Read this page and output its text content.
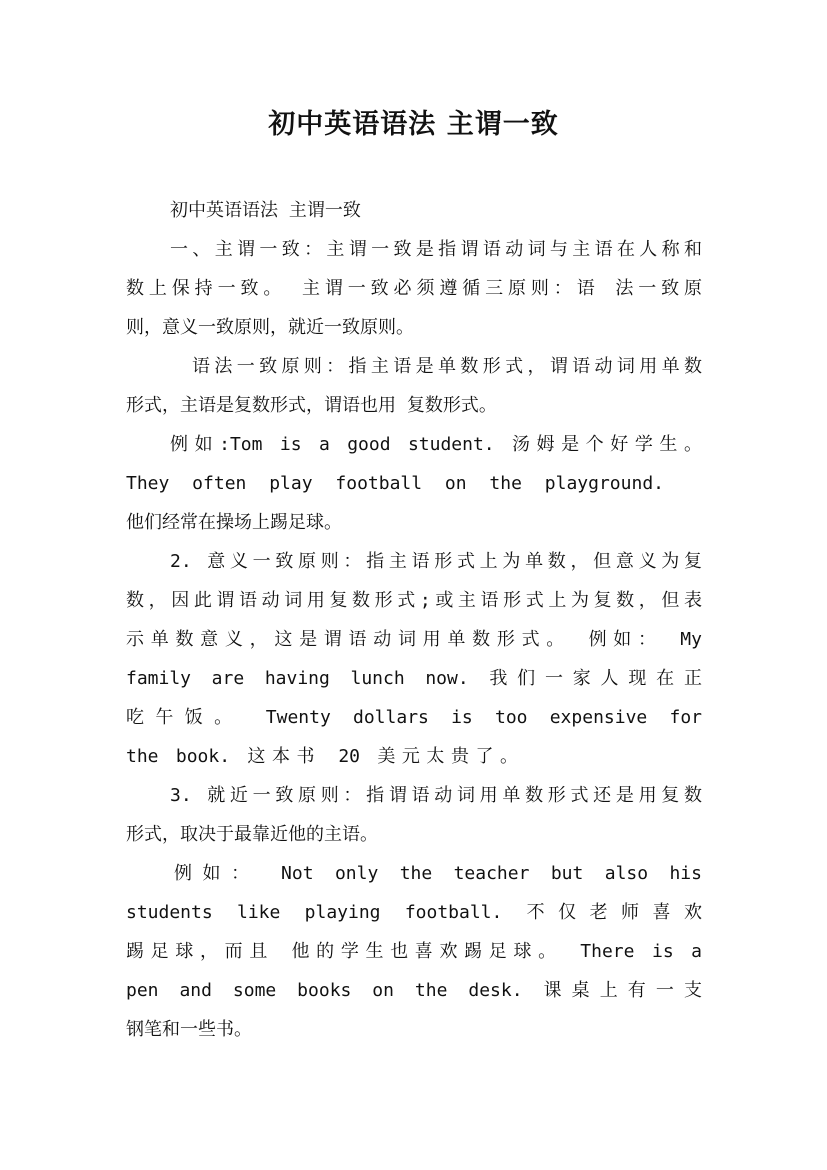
初中英语语法 主谓一致
初中英语语法 主谓一致
一、主谓一致：主谓一致是指谓语动词与主语在人称和
数上保持一致。 主谓一致必须遵循三原则：语 法一致原
则，意义一致原则，就近一致原则。
语法一致原则：指主语是单数形式，谓语动词用单数
形式，主语是复数形式，谓语也用 复数形式。
例如:Tom is a good student. 汤姆是个好学生。
They often play football on the playground.
他们经常在操场上踢足球。
2. 意义一致原则：指主语形式上为单数，但意义为复
数，因此谓语动词用复数形式;或主语形式上为复数，但表
示单数意义，这是谓语动词用单数形式。 例如： My
family are having lunch now. 我们一家人现在正
吃午饭。 Twenty dollars is too expensive for
the book. 这本书 20 美元太贵了。
3. 就近一致原则：指谓语动词用单数形式还是用复数
形式，取决于最靠近他的主语。
例如： Not only the teacher but also his
students like playing football. 不仅老师喜欢
踢足球，而且 他的学生也喜欢踢足球。 There is a
pen and some books on the desk. 课桌上有一支
钢笔和一些书。
